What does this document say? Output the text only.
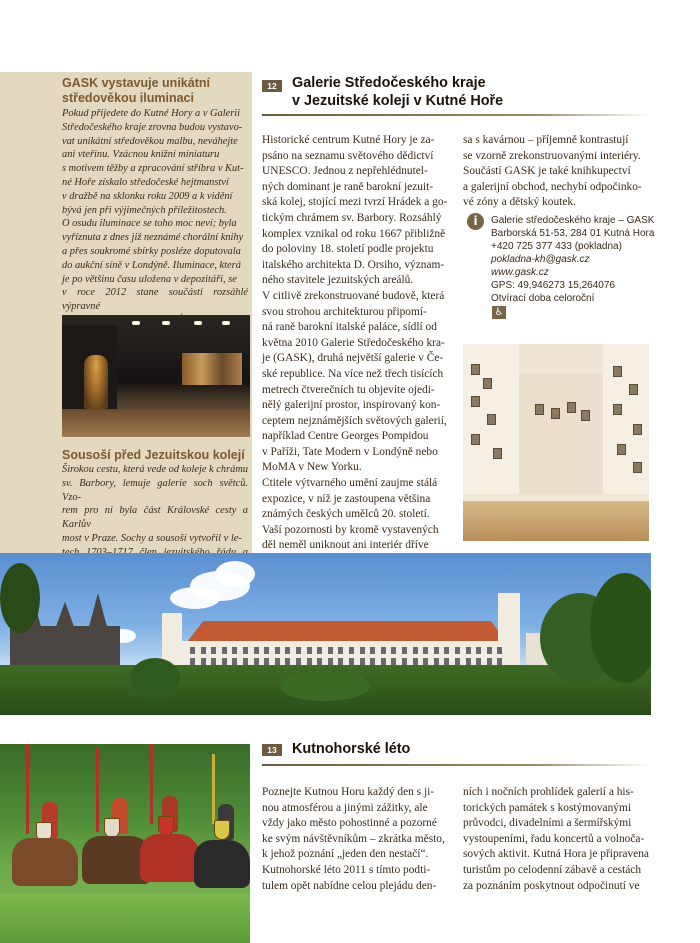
GASK vystavuje unikátní
středověkou iluminaci
Pokud přijedete do Kutné Hory a v Galerii
Středočeského kraje zrovna budou vystavo-
vat unikátní středověkou malbu, neváhejte
ani vteřinu. Vzácnou knižní miniaturu
s motivem těžby a zpracování stříbra v Kut-
né Hoře získalo středočeské hejtmanství
v dražbě na sklonku roku 2009 a k vidění
bývá jen při výjimečných příležitostech.
O osudu iluminace se toho moc neví; byla
vyříznuta z dnes již neznámé chorální knihy
a přes soukromé sbírky posléze doputovala
do aukční síně v Londýně. Iluminace, která
je po většinu času uložena v depozitáři, se
v roce 2012 stane součástí rozsáhlé výpravné
Sousoší před Jezuitskou kolejí
Širokou cestu, která vede od koleje k chrámu
sv. Barbory, lemuje galerie soch světců. Vzo-
rem pro ni byla část Královské cesty a Karlův
most v Praze. Sochy a sousoší vytvořil v le-
12	Galerie Středočeského kraje
v Jezuitské koleji v Kutné Hoře
Historické centrum Kutné Hory je za-
psáno na seznamu světového dědictví
UNESCO. Jednou z nepřehlédnutel-
ných dominant je raně barokní jezuit-
ská kolej, stojící mezi tvrzí Hrádek a go-
tickým chrámem sv. Barbory. Rozsáhlý
komplex vznikal od roku 1667 přibližně
do poloviny 18. století podle projektu
italského architekta D. Orsiho, význam-
ného stavitele jezuitských areálů.
V citlivě zrekonstruované budově, která
svou strohou architekturou připomí-
ná raně barokní italské paláce, sídlí od
května 2010 Galerie Středočeského kra-
je (GASK), druhá největší galerie v Če-
ské republice. Na více než třech tisících
metrech čtverečních tu objevíte ojedi-
nělý galerijní prostor, inspirovaný kon-
ceptem nejznámějších světových galerií,
například Centre Georges Pompidou
v Paříži, Tate Modern v Londýně nebo
MoMA v New Yorku.
Ctitele výtvarného umění zaujme stálá
expozice, v níž je zastoupena většina
známých českých umělců 20. století.
Vaší pozornosti by kromě vystavených
děl neměl uniknout ani interiér dříve
sa s kavárnou – příjemně kontrastují
se vzorně zrekonstruovanými interiéry.
Součástí GASK je také knihkupectví
a galerijní obchod, nechybí odpočinko-
vé zóny a dětský koutek.
i	Galerie středočeského kraje – GASK
Barborská 51-53, 284 01 Kutná Hora
+420 725 377 433 (pokladna)
pokladna-kh@gask.cz
www.gask.cz
GPS: 49,946273 15,264076
Otvírací doba celoroční
♿
13	Kutnohorské léto
Poznejte Kutnou Horu každý den s ji-
nou atmosférou a jinými zážitky, ale
vždy jako město pohostinné a pozorné
ke svým návštěvníkům – zkrátka město,
k jehož poznání „jeden den nestačí“.
Kutnohorské léto 2011 s tímto podti-
tulem opět nabídne celou plejádu den-
ních i nočních prohlídek galerií a his-
torických památek s kostýmovanými
průvodci, divadelními a šermířskými
vystoupeními, řadu koncertů a volnoča-
sových aktivit. Kutná Hora je připravena
turistům po celodenní zábavě a cestách
za poznáním poskytnout odpočinutí ve
